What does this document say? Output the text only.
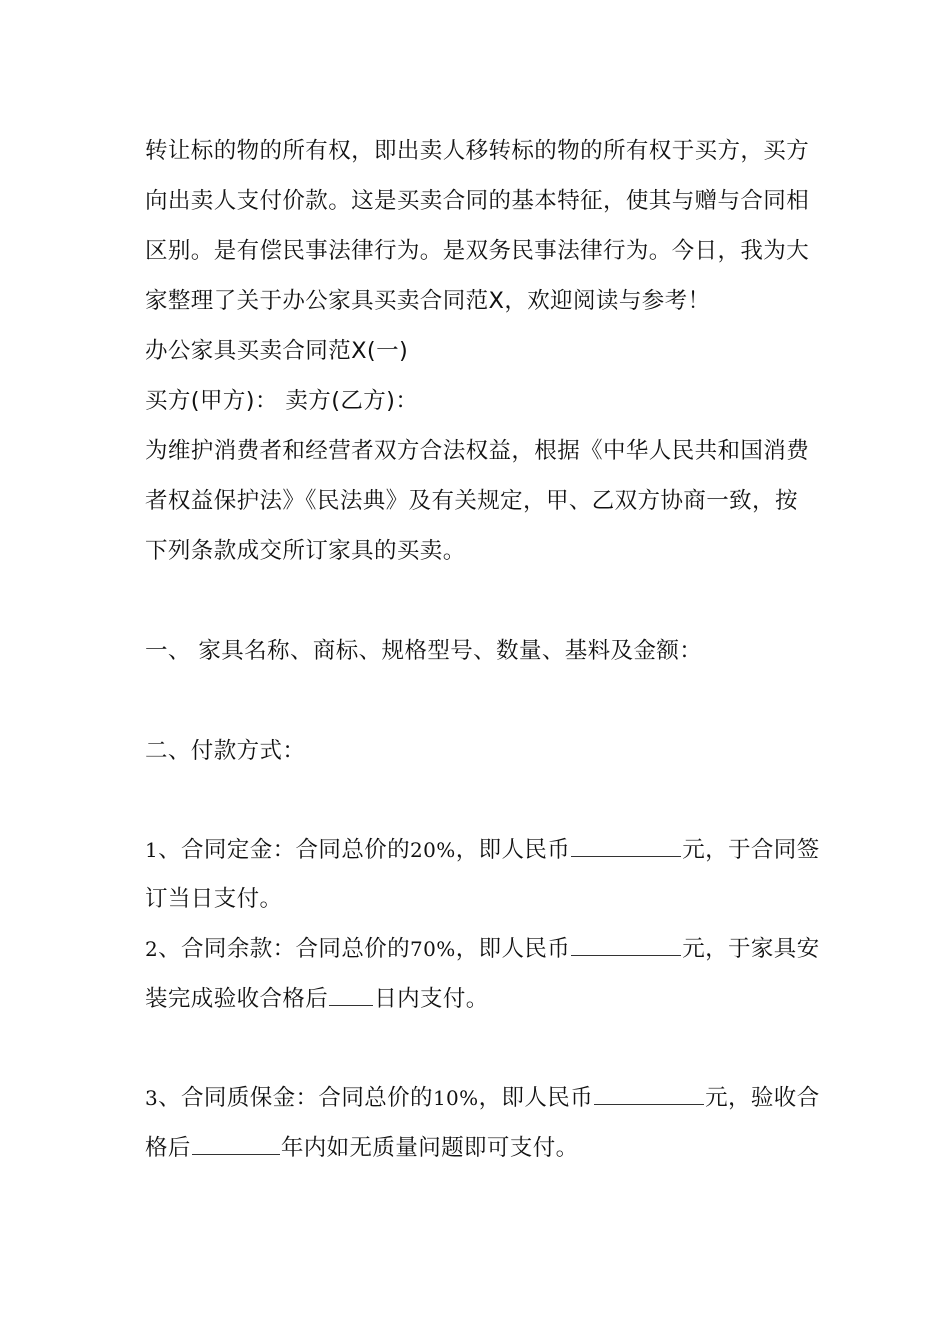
转让标的物的所有权，即出卖人移转标的物的所有权于买方，买方
向出卖人支付价款。这是买卖合同的基本特征，使其与赠与合同相
区别。是有偿民事法律行为。是双务民事法律行为。今日，我为大
家整理了关于办公家具买卖合同范X，欢迎阅读与参考！
办公家具买卖合同范X(一)
买方(甲方)： 卖方(乙方)：
为维护消费者和经营者双方合法权益，根据《中华人民共和国消费
者权益保护法》《民法典》及有关规定，甲、乙双方协商一致，按
下列条款成交所订家具的买卖。
一、 家具名称、商标、规格型号、数量、基料及金额：
二、付款方式：
1、合同定金：合同总价的20%，即人民币	元，于合同签
订当日支付。
2、合同余款：合同总价的70%，即人民币	元，于家具安
装完成验收合格后 日内支付。
3、合同质保金：合同总价的10%，即人民币	元，验收合
格后	年内如无质量问题即可支付。
